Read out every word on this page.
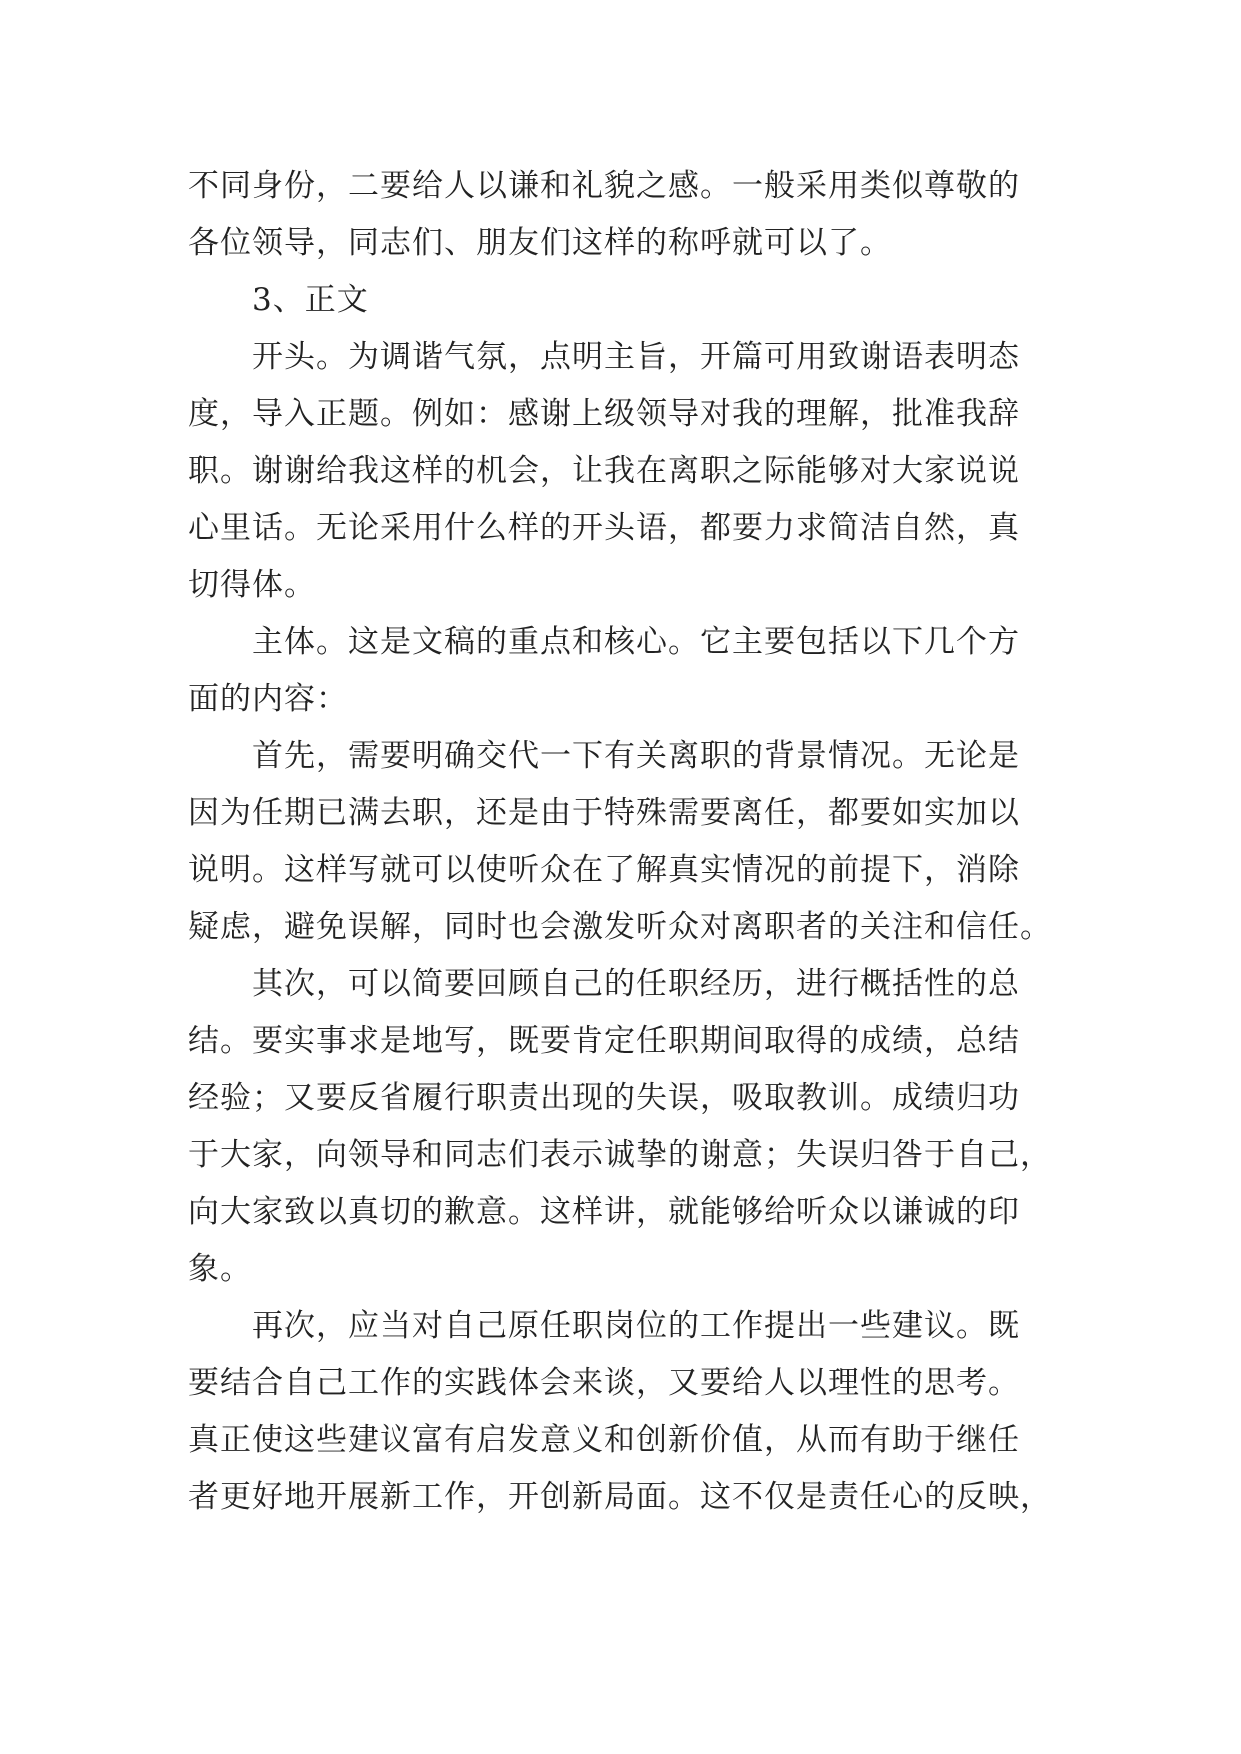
不同身份，二要给人以谦和礼貌之感。一般采用类似尊敬的
各位领导，同志们、朋友们这样的称呼就可以了。
3、正文
开头。为调谐气氛，点明主旨，开篇可用致谢语表明态
度，导入正题。例如：感谢上级领导对我的理解，批准我辞
职。谢谢给我这样的机会，让我在离职之际能够对大家说说
心里话。无论采用什么样的开头语，都要力求简洁自然，真
切得体。
主体。这是文稿的重点和核心。它主要包括以下几个方
面的内容：
首先，需要明确交代一下有关离职的背景情况。无论是
因为任期已满去职，还是由于特殊需要离任，都要如实加以
说明。这样写就可以使听众在了解真实情况的前提下，消除
疑虑，避免误解，同时也会激发听众对离职者的关注和信任。
其次，可以简要回顾自己的任职经历，进行概括性的总
结。要实事求是地写，既要肯定任职期间取得的成绩，总结
经验；又要反省履行职责出现的失误，吸取教训。成绩归功
于大家，向领导和同志们表示诚挚的谢意；失误归咎于自己，
向大家致以真切的歉意。这样讲，就能够给听众以谦诚的印
象。
再次，应当对自己原任职岗位的工作提出一些建议。既
要结合自己工作的实践体会来谈，又要给人以理性的思考。
真正使这些建议富有启发意义和创新价值，从而有助于继任
者更好地开展新工作，开创新局面。这不仅是责任心的反映，
